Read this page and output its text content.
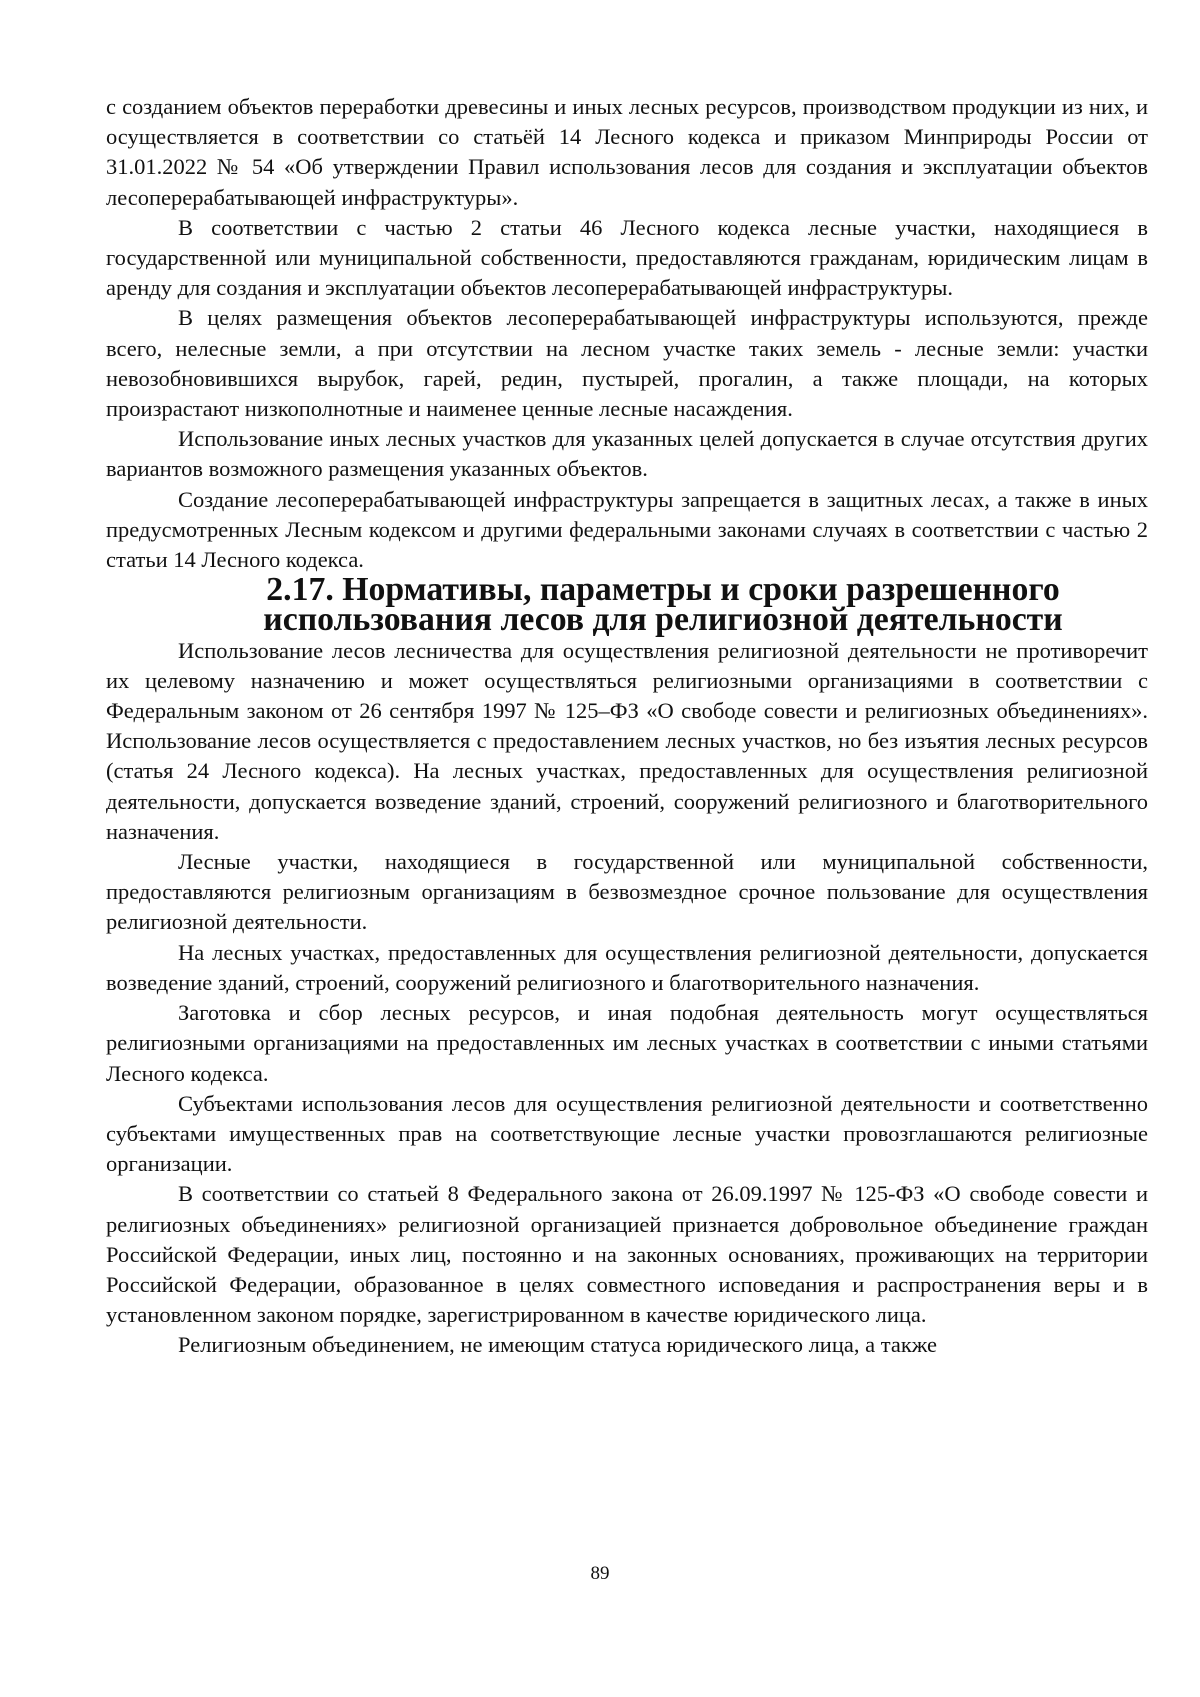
с созданием объектов переработки древесины и иных лесных ресурсов, производством продукции из них, и осуществляется в соответствии со статьёй 14 Лесного кодекса и приказом Минприроды России от 31.01.2022 № 54 «Об утверждении Правил использования лесов для создания и эксплуатации объектов лесоперерабатывающей инфраструктуры».

В соответствии с частью 2 статьи 46 Лесного кодекса лесные участки, находящиеся в государственной или муниципальной собственности, предоставляются гражданам, юридическим лицам в аренду для создания и эксплуатации объектов лесоперерабатывающей инфраструктуры.

В целях размещения объектов лесоперерабатывающей инфраструктуры используются, прежде всего, нелесные земли, а при отсутствии на лесном участке таких земель - лесные земли: участки невозобновившихся вырубок, гарей, редин, пустырей, прогалин, а также площади, на которых произрастают низкополнотные и наименее ценные лесные насаждения.

Использование иных лесных участков для указанных целей допускается в случае отсутствия других вариантов возможного размещения указанных объектов.

Создание лесоперерабатывающей инфраструктуры запрещается в защитных лесах, а также в иных предусмотренных Лесным кодексом и другими федеральными законами случаях в соответствии с частью 2 статьи 14 Лесного кодекса.

2.17. Нормативы, параметры и сроки разрешенного использования лесов для религиозной деятельности

Использование лесов лесничества для осуществления религиозной деятельности не противоречит их целевому назначению и может осуществляться религиозными организациями в соответствии с Федеральным законом от 26 сентября 1997 № 125–ФЗ «О свободе совести и религиозных объединениях». Использование лесов осуществляется с предоставлением лесных участков, но без изъятия лесных ресурсов (статья 24 Лесного кодекса). На лесных участках, предоставленных для осуществления религиозной деятельности, допускается возведение зданий, строений, сооружений религиозного и благотворительного назначения.

Лесные участки, находящиеся в государственной или муниципальной собственности, предоставляются религиозным организациям в безвозмездное срочное пользование для осуществления религиозной деятельности.

На лесных участках, предоставленных для осуществления религиозной деятельности, допускается возведение зданий, строений, сооружений религиозного и благотворительного назначения.

Заготовка и сбор лесных ресурсов, и иная подобная деятельность могут осуществляться религиозными организациями на предоставленных им лесных участках в соответствии с иными статьями Лесного кодекса.

Субъектами использования лесов для осуществления религиозной деятельности и соответственно субъектами имущественных прав на соответствующие лесные участки провозглашаются религиозные организации.

В соответствии со статьей 8 Федерального закона от 26.09.1997 № 125-ФЗ «О свободе совести и религиозных объединениях» религиозной организацией признается добровольное объединение граждан Российской Федерации, иных лиц, постоянно и на законных основаниях, проживающих на территории Российской Федерации, образованное в целях совместного исповедания и распространения веры и в установленном законом порядке, зарегистрированном в качестве юридического лица.

Религиозным объединением, не имеющим статуса юридического лица, а также

89
